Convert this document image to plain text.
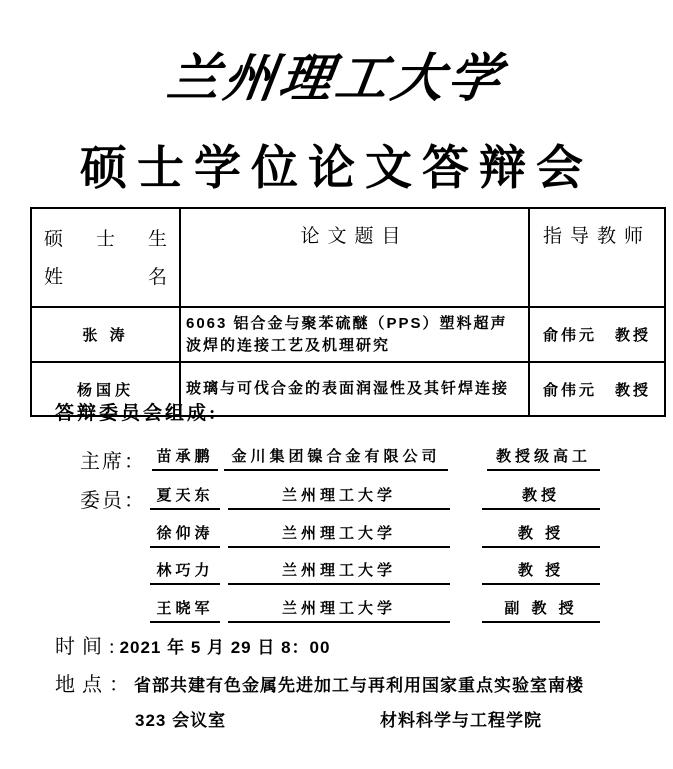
兰州理工大学
硕士学位论文答辩会
硕 士 生
姓 名	论文题目	指导教师
张 涛	6063 铝合金与聚苯硫醚（PPS）塑料超声波焊的连接工艺及机理研究	俞伟元　教授
杨国庆	玻璃与可伐合金的表面润湿性及其钎焊连接	俞伟元　教授
答辩委员会组成:
主席： 苗承鹏	金川集团镍合金有限公司	教授级高工
委员： 夏天东	兰州理工大学	教授
徐仰涛	兰州理工大学	教 授
林巧力	兰州理工大学	教 授
王晓军	兰州理工大学	副 教 授
时 间 : 2021 年 5 月 29 日 8：00
地 点 ： 省部共建有色金属先进加工与再利用国家重点实验室南楼
323 会议室	材料科学与工程学院
